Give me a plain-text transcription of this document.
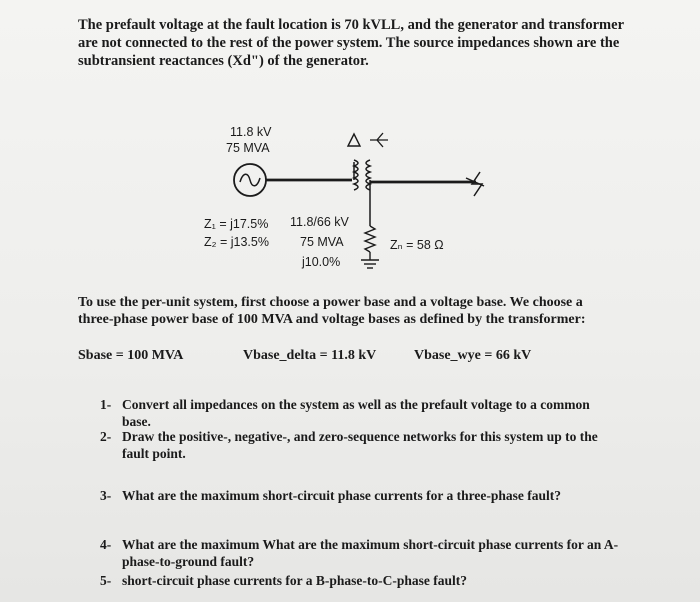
The prefault voltage at the fault location is 70 kVLL, and the generator and transformer are not connected to the rest of the power system. The source impedances shown are the subtransient reactances (Xd") of the generator.

11.8 kV
75 MVA
Z₁ = j17.5%
Z₂ = j13.5%
11.8/66 kV
75 MVA
j10.0%
Zₙ = 58 Ω

To use the per-unit system, first choose a power base and a voltage base. We choose a three-phase power base of 100 MVA and voltage bases as defined by the transformer:

Sbase = 100 MVA	Vbase_delta = 11.8 kV	Vbase_wye = 66 kV
1- Convert all impedances on the system as well as the prefault voltage to a common base.
2- Draw the positive-, negative-, and zero-sequence networks for this system up to the fault point.
3- What are the maximum short-circuit phase currents for a three-phase fault?
4- What are the maximum What are the maximum short-circuit phase currents for an A-phase-to-ground fault?
5- short-circuit phase currents for a B-phase-to-C-phase fault?
